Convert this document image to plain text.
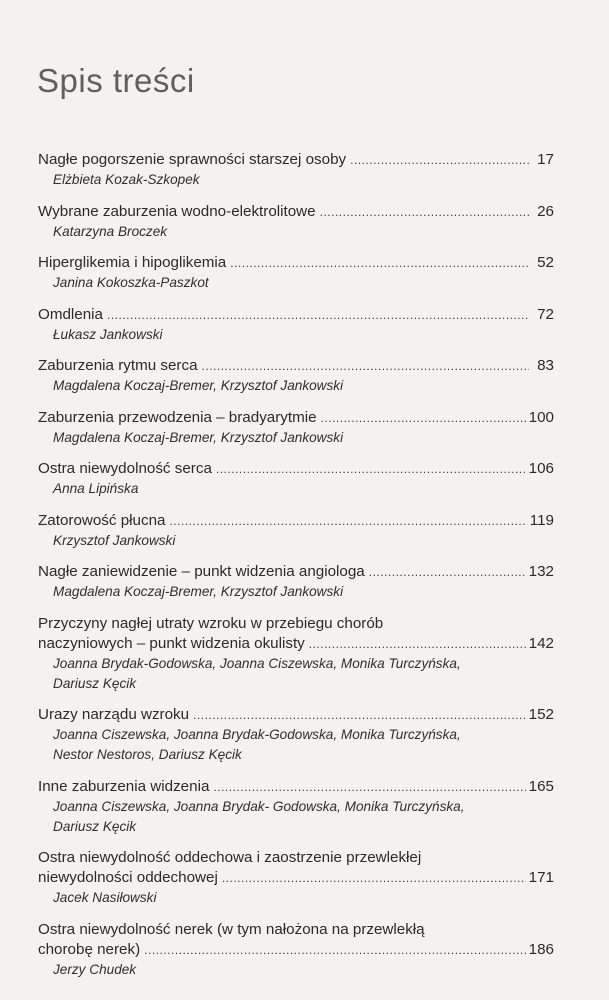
Spis treści
Nagłe pogorszenie sprawności starszej osoby .....	17
Elżbieta Kozak-Szkopek
Wybrane zaburzenia wodno-elektrolitowe .....	26
Katarzyna Broczek
Hiperglikemia i hipoglikemia .....	52
Janina Kokoszka-Paszkot
Omdlenia .....	72
Łukasz Jankowski
Zaburzenia rytmu serca .....	83
Magdalena Koczaj-Bremer, Krzysztof Jankowski
Zaburzenia przewodzenia – bradyarytmie .....	100
Magdalena Koczaj-Bremer, Krzysztof Jankowski
Ostra niewydolność serca .....	106
Anna Lipińska
Zatorowość płucna .....	119
Krzysztof Jankowski
Nagłe zaniewidzenie – punkt widzenia angiologa .....	132
Magdalena Koczaj-Bremer, Krzysztof Jankowski
Przyczyny nagłej utraty wzroku w przebiegu chorób
naczyniowych – punkt widzenia okulisty .....	142
Joanna Brydak-Godowska, Joanna Ciszewska, Monika Turczyńska,
Dariusz Kęcik
Urazy narządu wzroku .....	152
Joanna Ciszewska, Joanna Brydak-Godowska, Monika Turczyńska,
Nestor Nestoros, Dariusz Kęcik
Inne zaburzenia widzenia .....	165
Joanna Ciszewska, Joanna Brydak- Godowska, Monika Turczyńska,
Dariusz Kęcik
Ostra niewydolność oddechowa i zaostrzenie przewlekłej
niewydolności oddechowej .....	171
Jacek Nasiłowski
Ostra niewydolność nerek (w tym nałożona na przewlekłą
chorobę nerek) .....	186
Jerzy Chudek
